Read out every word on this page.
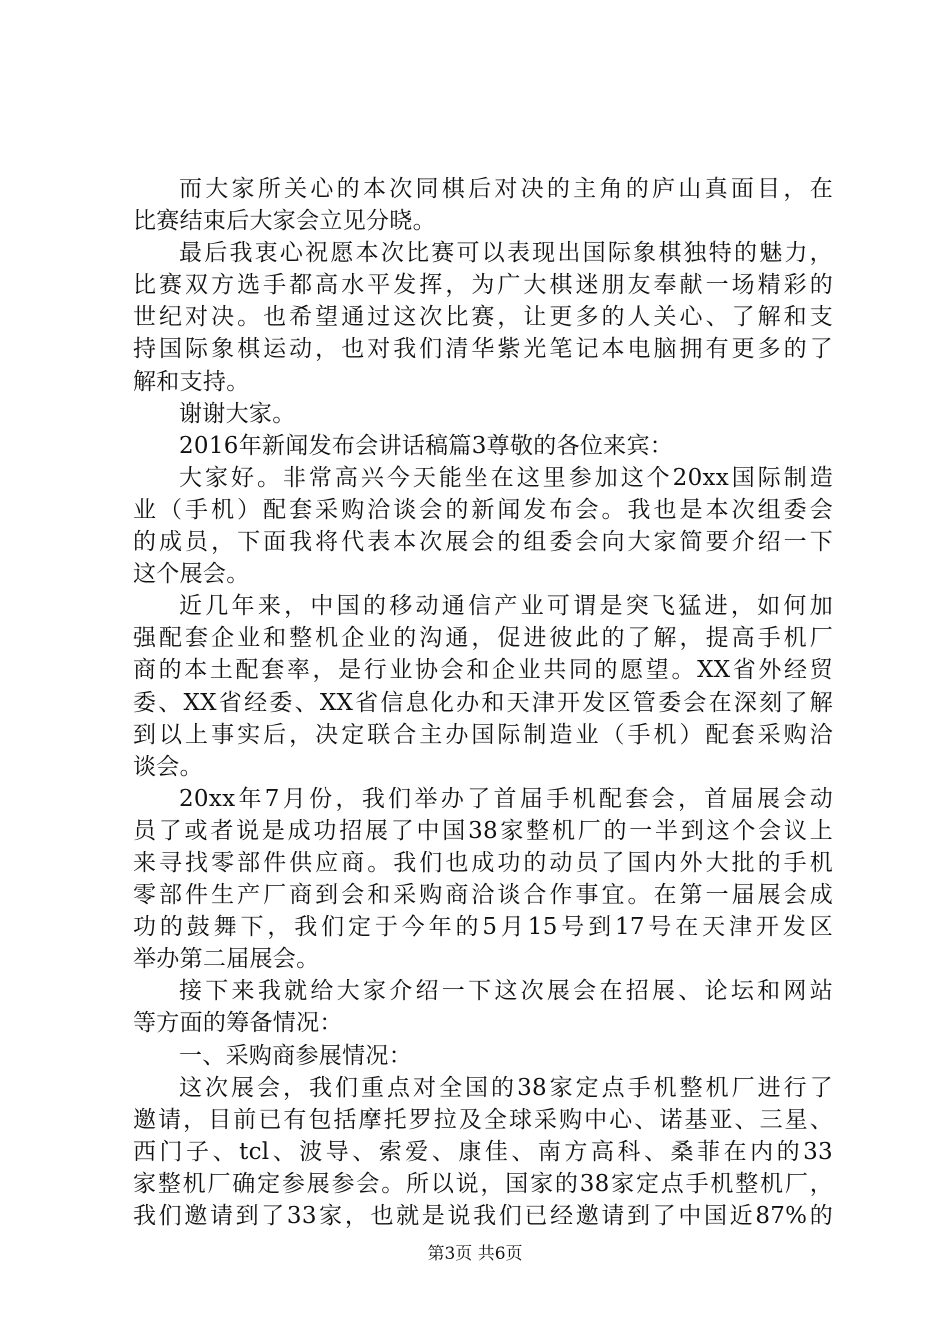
而大家所关心的本次同棋后对决的主角的庐山真面目，在
比赛结束后大家会立见分晓。
最后我衷心祝愿本次比赛可以表现出国际象棋独特的魅力，
比赛双方选手都高水平发挥，为广大棋迷朋友奉献一场精彩的
世纪对决。也希望通过这次比赛，让更多的人关心、了解和支
持国际象棋运动，也对我们清华紫光笔记本电脑拥有更多的了
解和支持。
谢谢大家。
2016年新闻发布会讲话稿篇3尊敬的各位来宾：
大家好。非常高兴今天能坐在这里参加这个20xx国际制造
业（手机）配套采购洽谈会的新闻发布会。我也是本次组委会
的成员，下面我将代表本次展会的组委会向大家简要介绍一下
这个展会。
近几年来，中国的移动通信产业可谓是突飞猛进，如何加
强配套企业和整机企业的沟通，促进彼此的了解，提高手机厂
商的本土配套率，是行业协会和企业共同的愿望。XX省外经贸
委、XX省经委、XX省信息化办和天津开发区管委会在深刻了解
到以上事实后，决定联合主办国际制造业（手机）配套采购洽
谈会。
20xx年7月份，我们举办了首届手机配套会，首届展会动
员了或者说是成功招展了中国38家整机厂的一半到这个会议上
来寻找零部件供应商。我们也成功的动员了国内外大批的手机
零部件生产厂商到会和采购商洽谈合作事宜。在第一届展会成
功的鼓舞下，我们定于今年的5月15号到17号在天津开发区
举办第二届展会。
接下来我就给大家介绍一下这次展会在招展、论坛和网站
等方面的筹备情况：
一、采购商参展情况：
这次展会，我们重点对全国的38家定点手机整机厂进行了
邀请，目前已有包括摩托罗拉及全球采购中心、诺基亚、三星、
西门子、tcl、波导、索爱、康佳、南方高科、桑菲在内的33
家整机厂确定参展参会。所以说，国家的38家定点手机整机厂，
我们邀请到了33家，也就是说我们已经邀请到了中国近87%的
第3页 共6页
